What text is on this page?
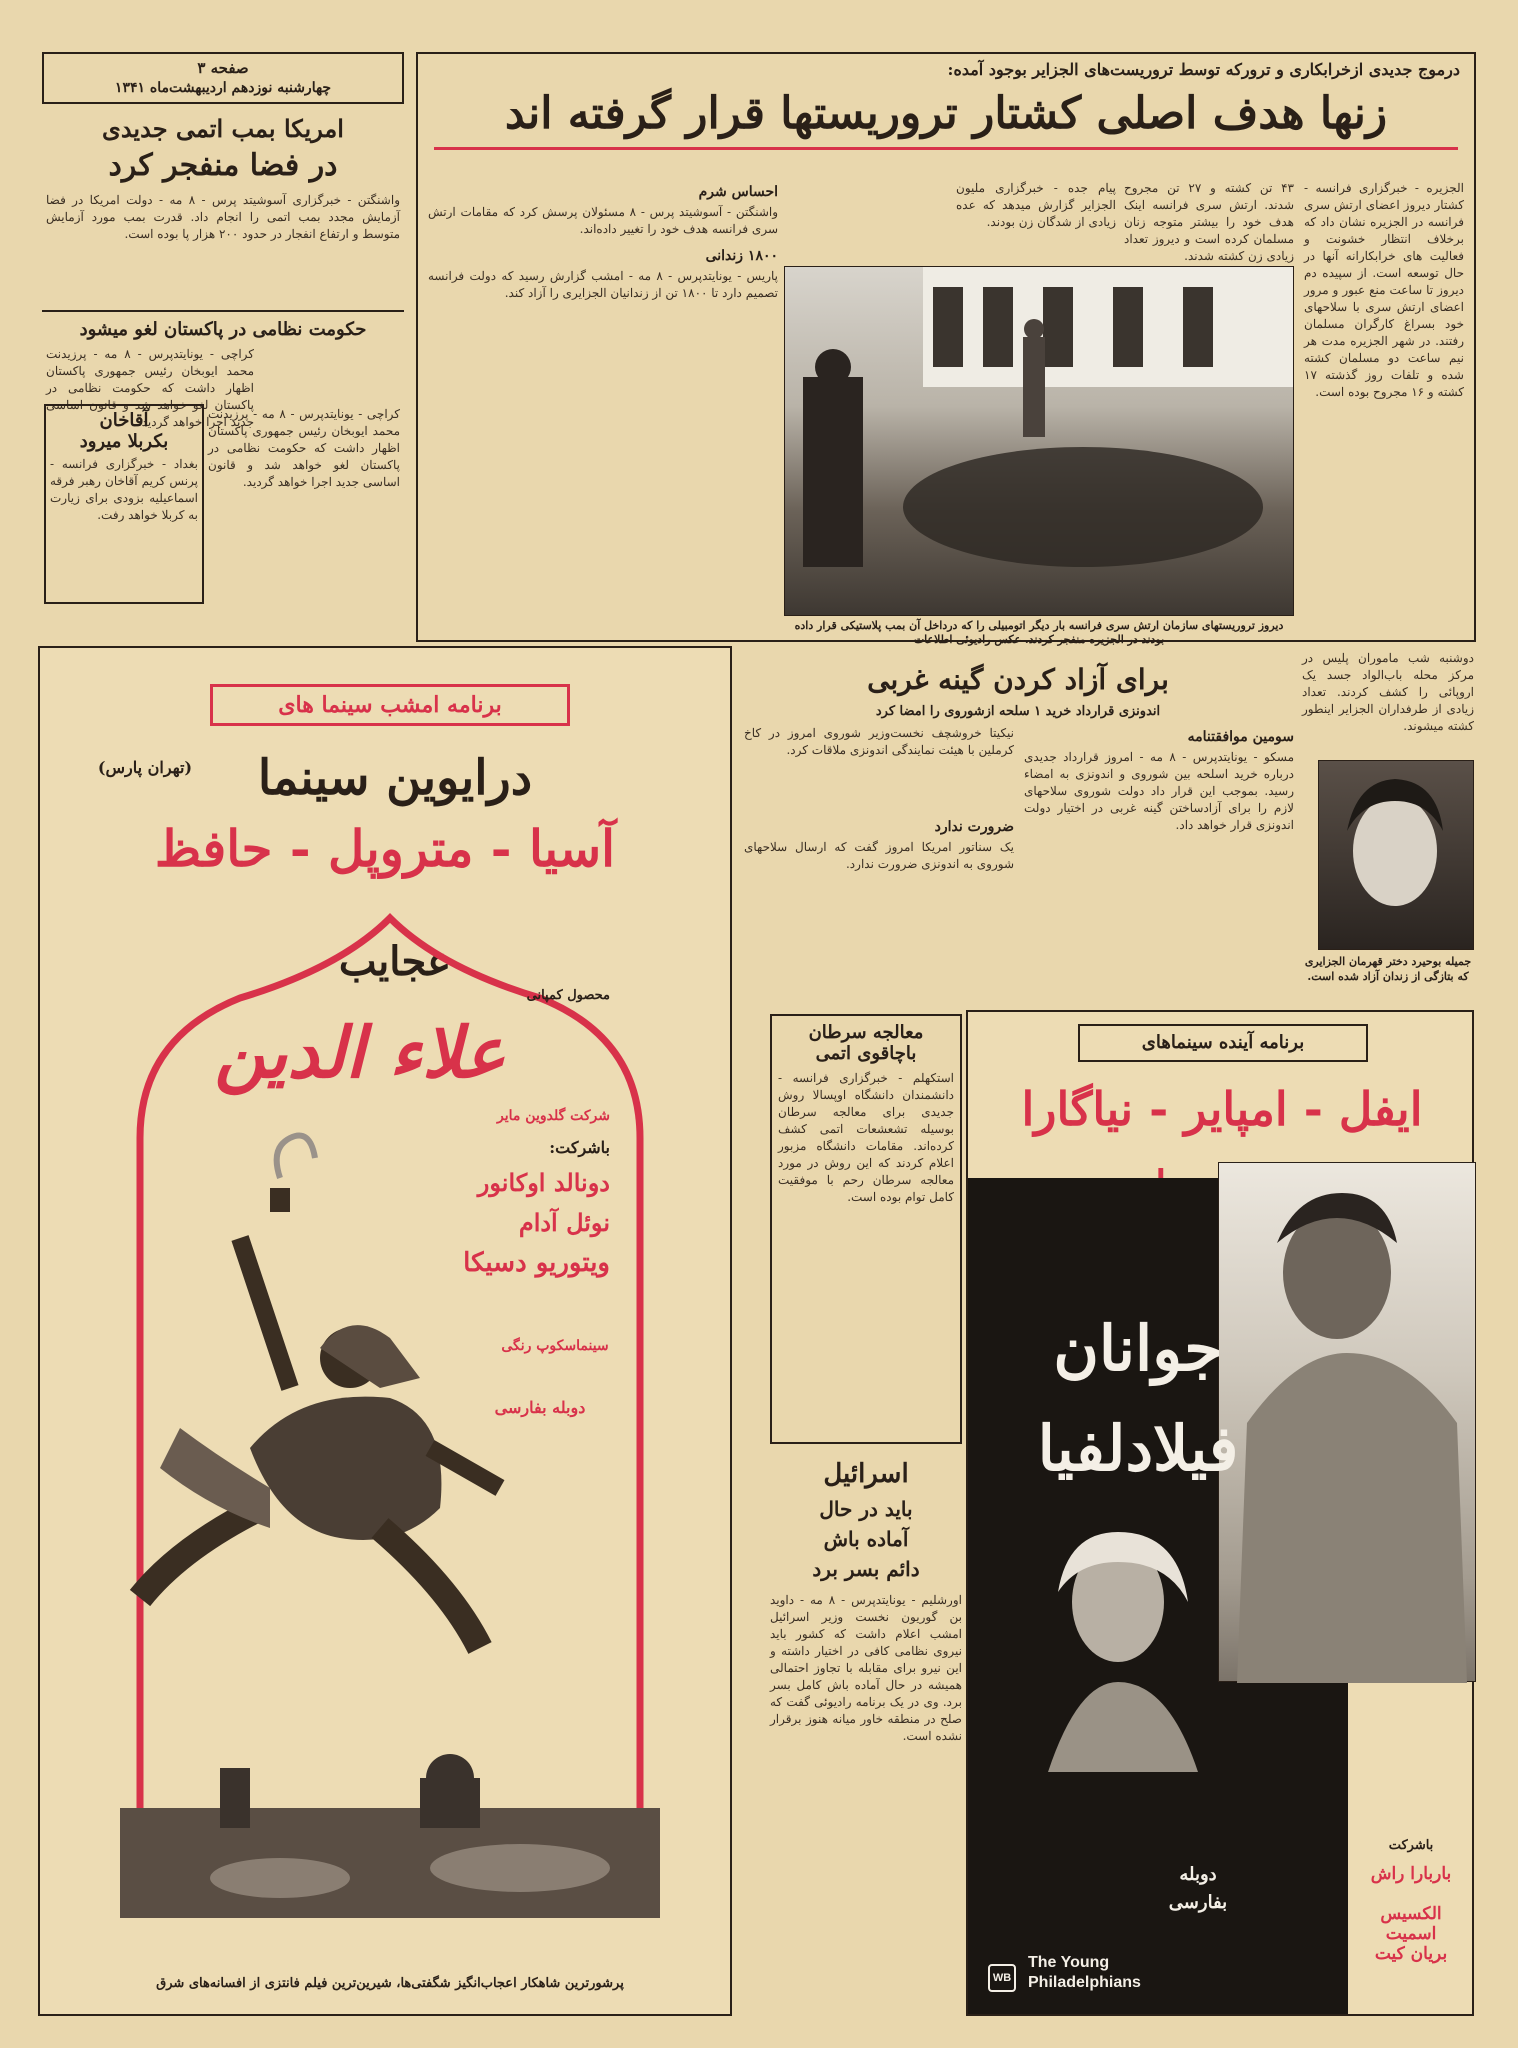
صفحه ۳
چهارشنبه نوزدهم اردیبهشت‌ماه ۱۳۴۱
امریکا بمب اتمی جدیدی
در فضا منفجر کرد
واشنگتن - خبرگزاری آسوشیتد پرس - ۸ مه - دولت امریکا در فضا آزمایش مجدد بمب اتمی را انجام داد. قدرت بمب مورد آزمایش متوسط و ارتفاع انفجار در حدود ۲۰۰ هزار پا بوده است.
حکومت نظامی در پاکستان لغو میشود
کراچی - یونایتدپرس - ۸ مه - پرزیدنت محمد ایوبخان رئیس جمهوری پاکستان اظهار داشت که حکومت نظامی در پاکستان لغو خواهد شد و قانون اساسی جدید اجرا خواهد گردید.
کراچی - یونایتدپرس - ۸ مه - پرزیدنت محمد ایوبخان رئیس جمهوری پاکستان اظهار داشت که حکومت نظامی در پاکستان لغو خواهد شد و قانون اساسی جدید اجرا خواهد گردید.
آقاخان
بکربلا میرود
بغداد - خبرگزاری فرانسه - پرنس کریم آقاخان رهبر فرقه اسماعیلیه بزودی برای زیارت به کربلا خواهد رفت.
درموج جدیدی ازخرابکاری و ترورکه توسط تروریست‌های الجزایر بوجود آمده:
زنها هدف اصلی کشتار تروریستها قرار گرفته اند
الجزیره - خبرگزاری فرانسه - کشتار دیروز اعضای ارتش سری فرانسه در الجزیره نشان داد که برخلاف انتظار خشونت و فعالیت های خرابکارانه آنها در حال توسعه است. از سپیده دم دیروز تا ساعت منع عبور و مرور اعضای ارتش سری با سلاحهای خود بسراغ کارگران مسلمان رفتند. در شهر الجزیره مدت هر نیم ساعت دو مسلمان کشته شده و تلفات روز گذشته ۱۷ کشته و ۱۶ مجروح بوده است.
۴۳ تن کشته و ۲۷ تن مجروح شدند. ارتش سری فرانسه اینک هدف خود را بیشتر متوجه زنان مسلمان کرده است و دیروز تعداد زیادی زن کشته شدند.
پیام جده - خبرگزاری ملیون الجزایر گزارش میدهد که عده زیادی از شدگان زن بودند.
دیروز تروریستهای سازمان ارتش سری فرانسه بار دیگر اتومبیلی را که درداخل آن بمب پلاستیکی قرار داده بودند در الجزیره منفجر کردند. عکس رادیوئی اطلاعات
احساس شرم
واشنگتن - آسوشیتد پرس - ۸ مسئولان پرسش کرد که مقامات ارتش سری فرانسه هدف خود را تغییر داده‌اند.
۱۸۰۰ زندانی
پاریس - یونایتدپرس - ۸ مه - امشب گزارش رسید که دولت فرانسه تصمیم دارد تا ۱۸۰۰ تن از زندانیان الجزایری را آزاد کند.
برنامه امشب سینما های
درایوین سینما
(تهران پارس)
آسیا - متروپل - حافظ
عجایب
علاء الدین
محصول کمپانی
شرکت گلدوین مایر
باشرکت:
دونالد اوکانور
نوئل آدام
ویتوریو دسیکا
سینماسکوپ رنگی
دوبله بفارسی
پرشورترین شاهکار اعجاب‌انگیز شگفتی‌ها، شیرین‌ترین فیلم فانتزی از افسانه‌های شرق
برای آزاد کردن گینه غربی
اندونزی قرارداد خرید ۱ سلحه ازشوروی را امضا کرد
سومین موافقتنامه
مسکو - یونایتدپرس - ۸ مه - امروز قرارداد جدیدی درباره خرید اسلحه بین شوروی و اندونزی به امضاء رسید. بموجب این قرار داد دولت شوروی سلاحهای لازم را برای آزادساختن گینه غربی در اختیار دولت اندونزی قرار خواهد داد.
نیکیتا خروشچف نخست‌وزیر شوروی امروز در کاخ کرملین با هیئت نمایندگی اندونزی ملاقات کرد.
ضرورت ندارد
یک سناتور امریکا امروز گفت که ارسال سلاحهای شوروی به اندونزی ضرورت ندارد.
دوشنبه شب ماموران پلیس در مرکز محله باب‌الواد جسد یک اروپائی را کشف کردند. تعداد زیادی از طرفداران الجزایر اینطور کشته میشوند.
جمیله بوحیرد دختر قهرمان الجزایری که بتازگی از زندان آزاد شده است.
معالجه سرطان
باچاقوی اتمی
استکهلم - خبرگزاری فرانسه - دانشمندان دانشگاه اوپسالا روش جدیدی برای معالجه سرطان بوسیله تشعشعات اتمی کشف کرده‌اند. مقامات دانشگاه مزبور اعلام کردند که این روش در مورد معالجه سرطان رحم با موفقیت کامل توام بوده است.
اسرائیل
باید در حال
آماده باش
دائم بسر برد
اورشلیم - یونایتدپرس - ۸ مه - داوید بن گوریون نخست وزیر اسرائیل امشب اعلام داشت که کشور باید نیروی نظامی کافی در اختیار داشته و این نیرو برای مقابله با تجاوز احتمالی همیشه در حال آماده باش کامل بسر برد. وی در یک برنامه رادیوئی گفت که صلح در منطقه خاور میانه هنوز برقرار نشده است.
برنامه آینده سینماهای
ایفل - امپایر - نیاگارا
جوانان
فیلادلفیا
دوبله
بفارسی
WB
The Young
Philadelphians
باشرکت
باربارا راش
الکسیس اسمیت
بریان کیت
